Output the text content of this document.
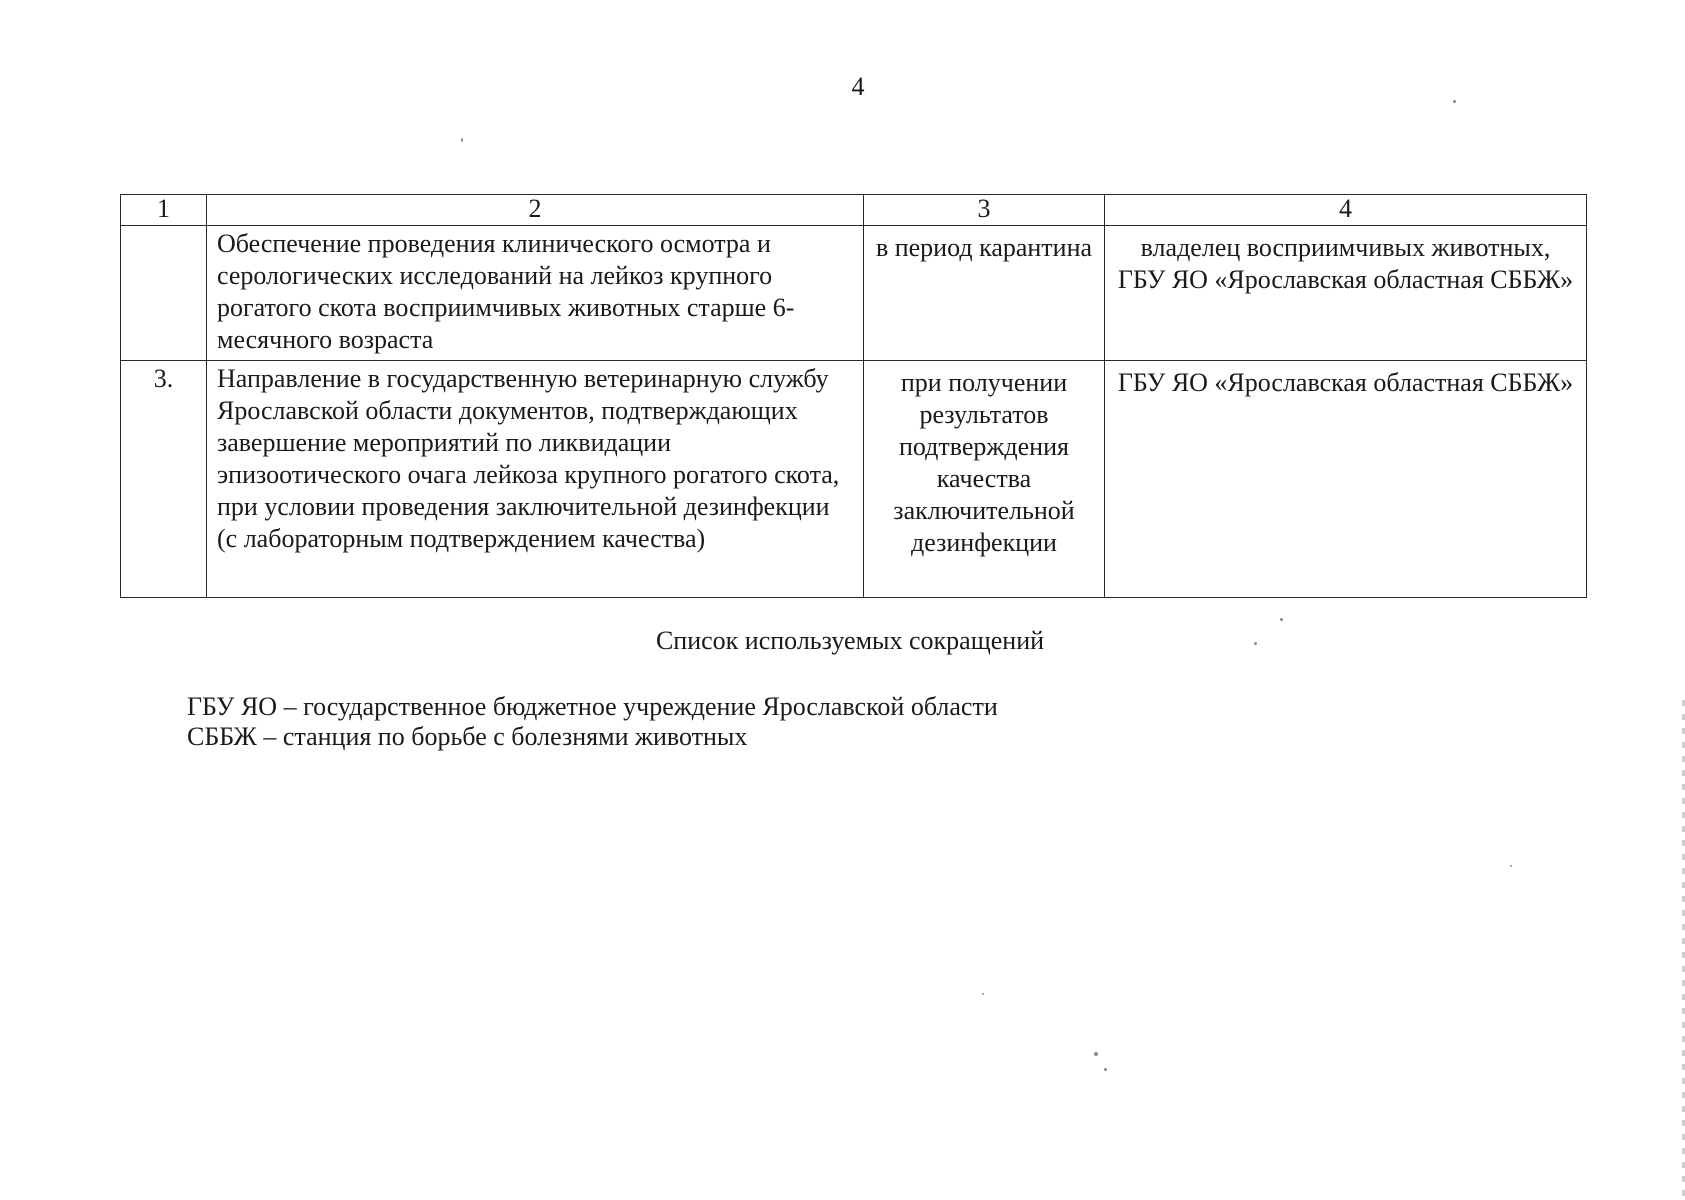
4
1	2	3	4
	Обеспечение проведения клинического осмотра и серологических исследований на лейкоз крупного рогатого скота восприимчивых животных старше 6-месячного возраста	в период карантина	владелец восприимчивых животных, ГБУ ЯО «Ярославская областная СББЖ»
3.	Направление в государственную ветеринарную службу Ярославской области документов, подтверждающих завершение мероприятий по ликвидации эпизоотического очага лейкоза крупного рогатого скота, при условии проведения заключительной дезинфекции (с лабораторным подтверждением качества)	при получении результатов подтверждения качества заключительной дезинфекции	ГБУ ЯО «Ярославская областная СББЖ»
Список используемых сокращений
ГБУ ЯО – государственное бюджетное учреждение Ярославской области
СББЖ – станция по борьбе с болезнями животных
